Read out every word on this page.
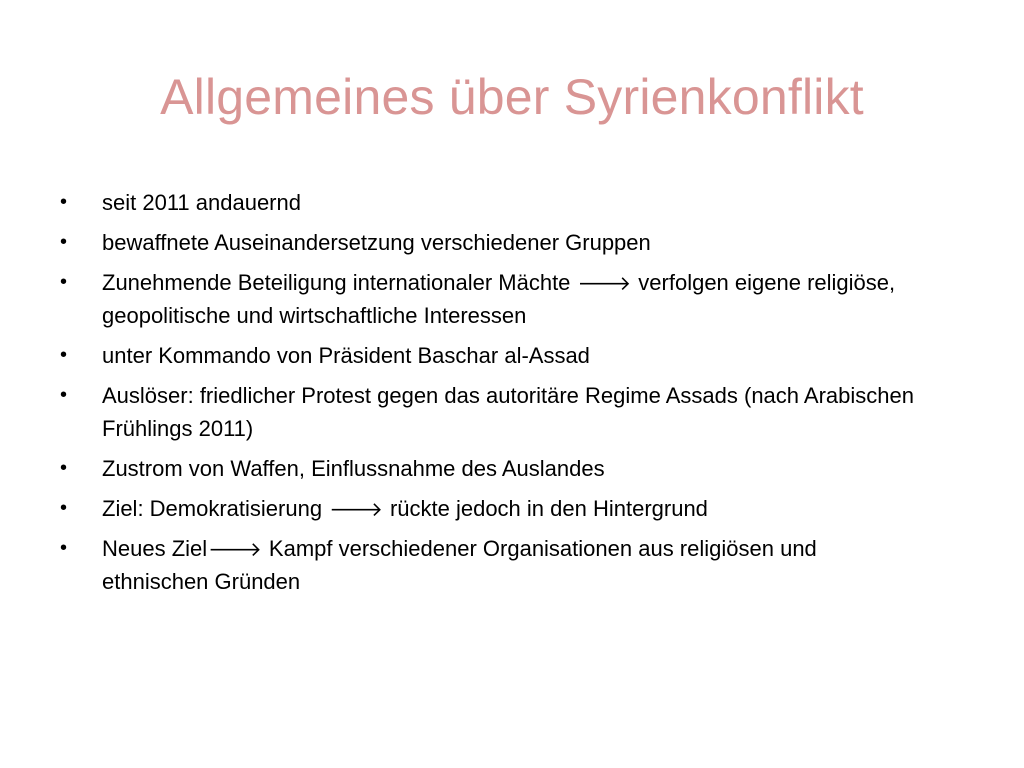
Allgemeines über Syrienkonflikt
•	seit 2011 andauernd
•	bewaffnete Auseinandersetzung verschiedener Gruppen
•	Zunehmende Beteiligung internationaler Mächte 🡒 verfolgen eigene religiöse, geopolitische und wirtschaftliche Interessen
•	unter Kommando von Präsident Baschar al-Assad
•	Auslöser: friedlicher Protest gegen das autoritäre Regime Assads (nach Arabischen Frühlings 2011)
•	Zustrom von Waffen, Einflussnahme des Auslandes
•	Ziel: Demokratisierung 🡒 rückte jedoch in den Hintergrund
•	Neues Ziel🡒 Kampf verschiedener Organisationen aus religiösen und ethnischen Gründen
